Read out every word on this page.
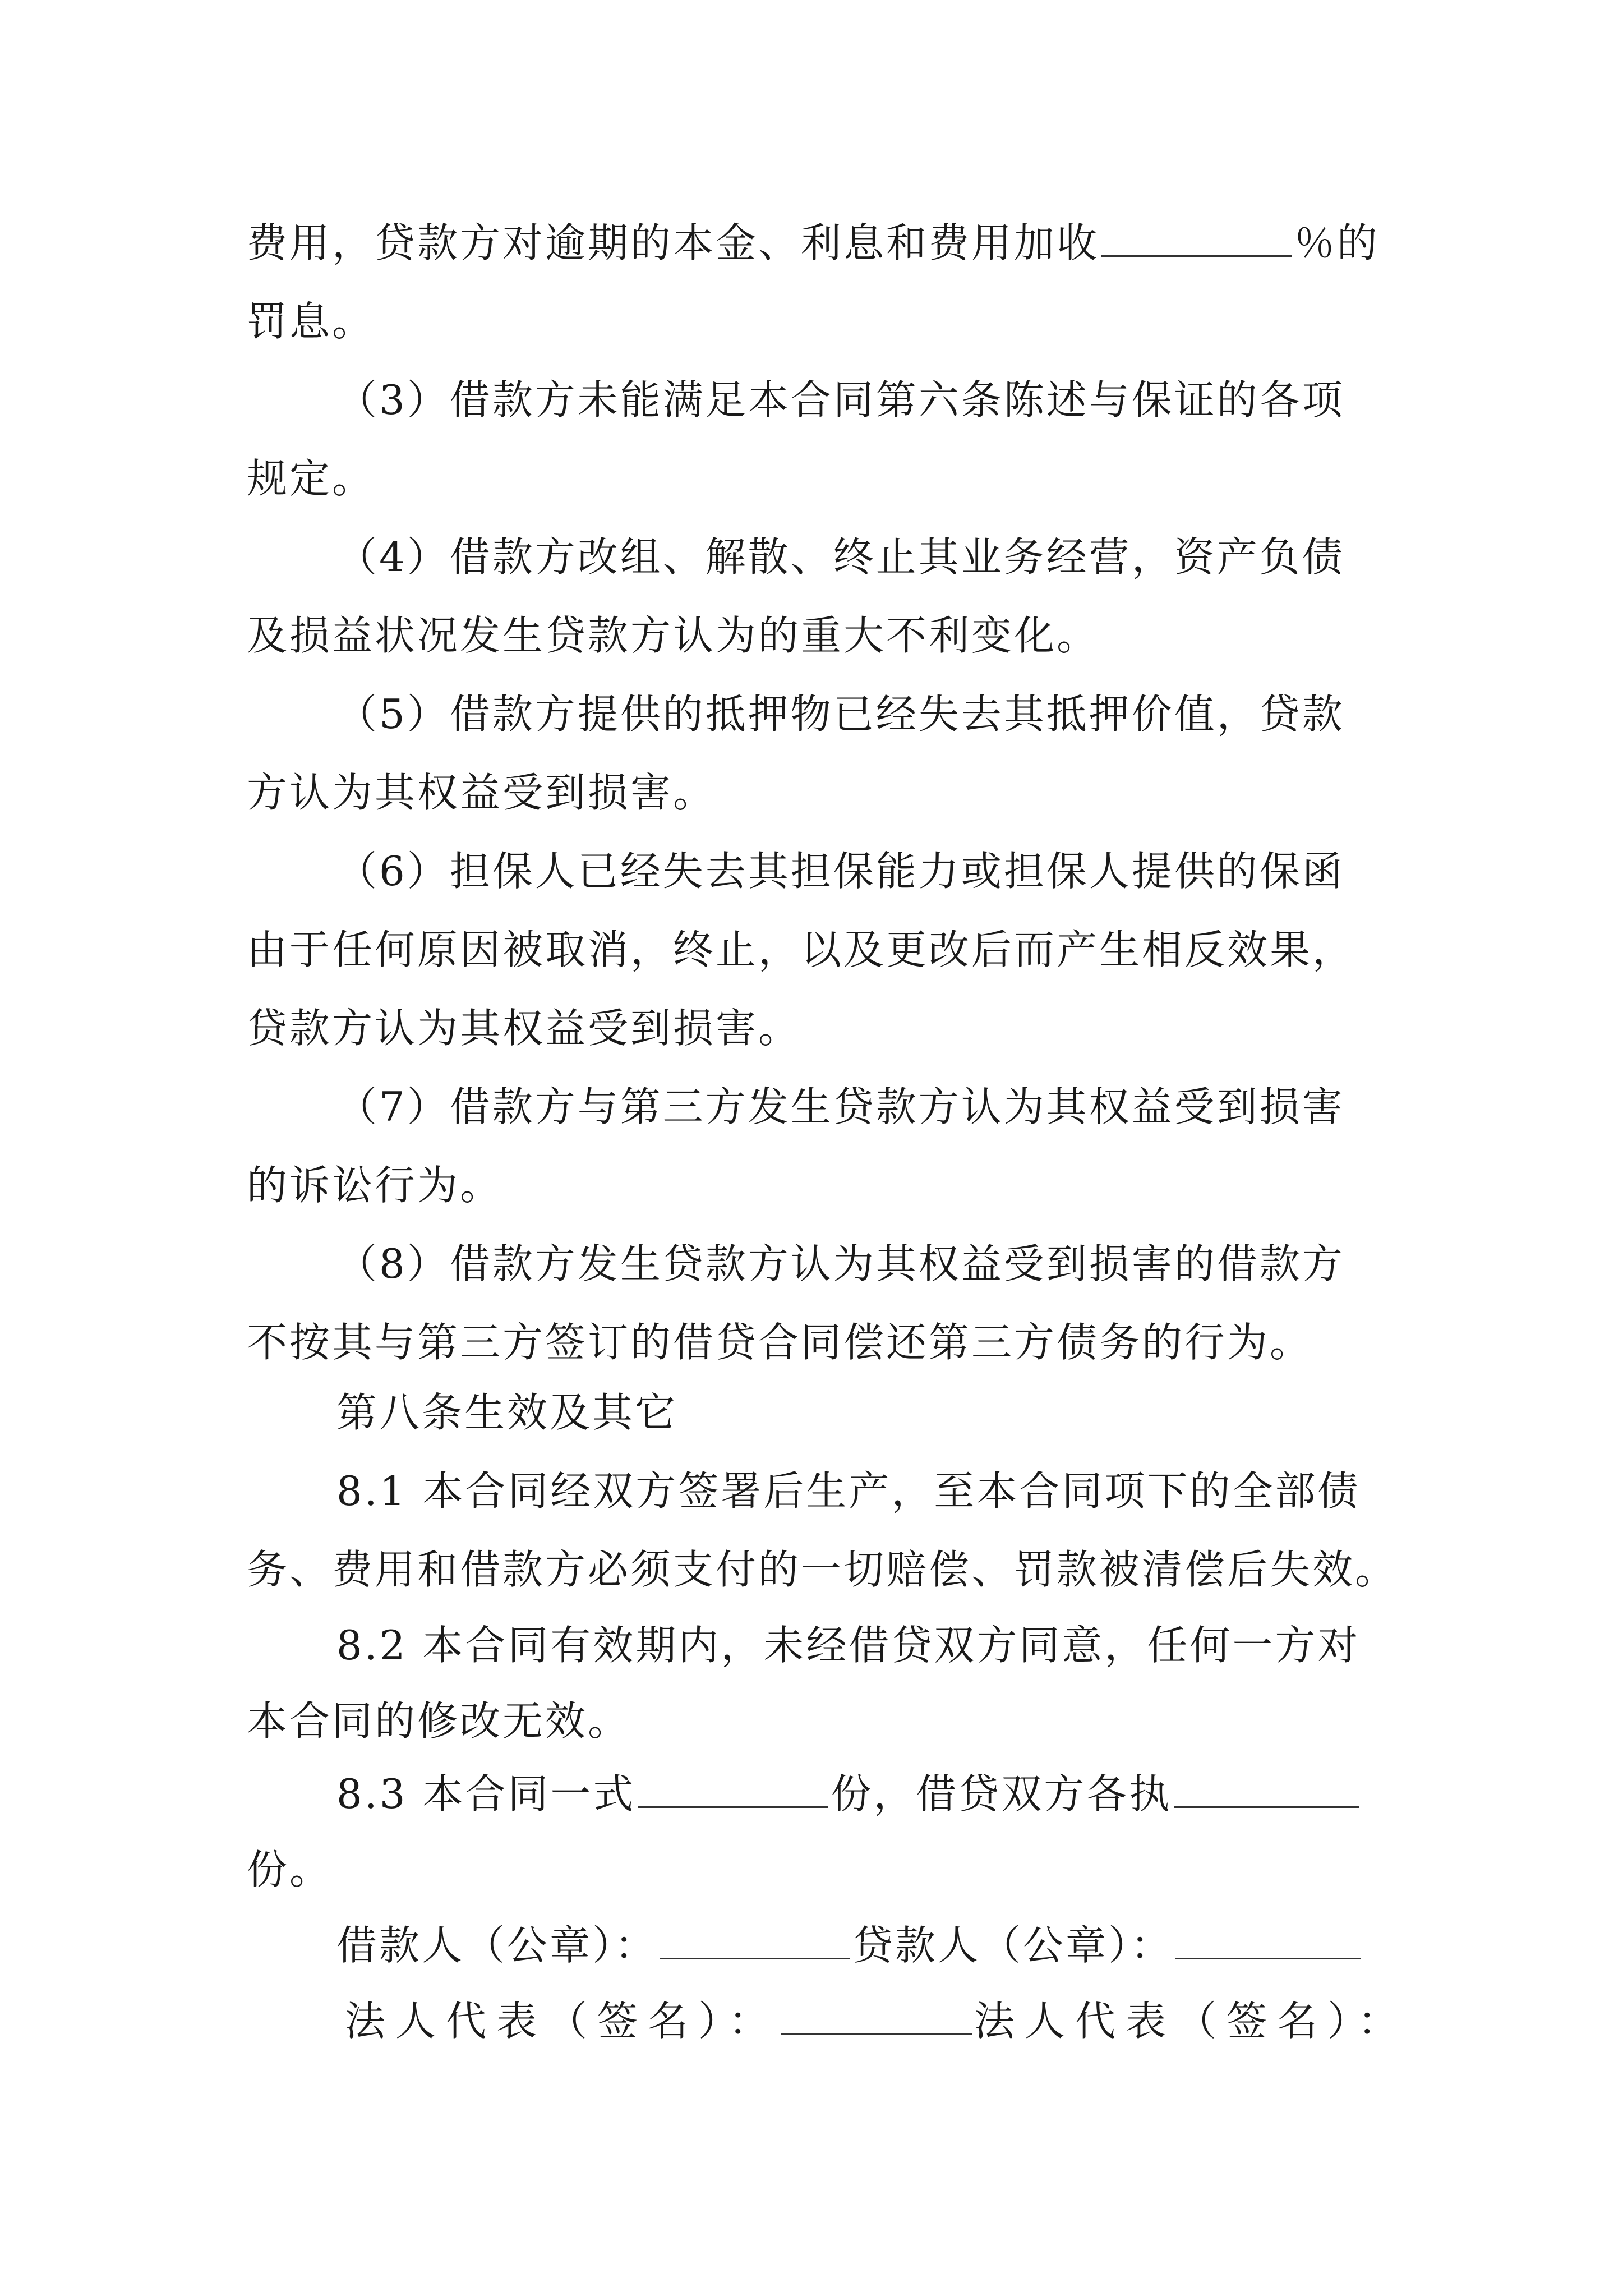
费用，贷款方对逾期的本金、利息和费用加收	％的
罚息。
（3）借款方未能满足本合同第六条陈述与保证的各项
规定。
（4）借款方改组、解散、终止其业务经营，资产负债
及损益状况发生贷款方认为的重大不利变化。
（5）借款方提供的抵押物已经失去其抵押价值，贷款
方认为其权益受到损害。
（6）担保人已经失去其担保能力或担保人提供的保函
由于任何原因被取消，终止，以及更改后而产生相反效果，
贷款方认为其权益受到损害。
（7）借款方与第三方发生贷款方认为其权益受到损害
的诉讼行为。
（8）借款方发生贷款方认为其权益受到损害的借款方
不按其与第三方签订的借贷合同偿还第三方债务的行为。
第八条生效及其它
8.1 本合同经双方签署后生产，至本合同项下的全部债
务、费用和借款方必须支付的一切赔偿、罚款被清偿后失效。
8.2 本合同有效期内，未经借贷双方同意，任何一方对
本合同的修改无效。
8.3 本合同一式	份，借贷双方各执
份。
借款人（公章）：	贷款人（公章）：
法人代表（签名）：	法人代表（签名）：
